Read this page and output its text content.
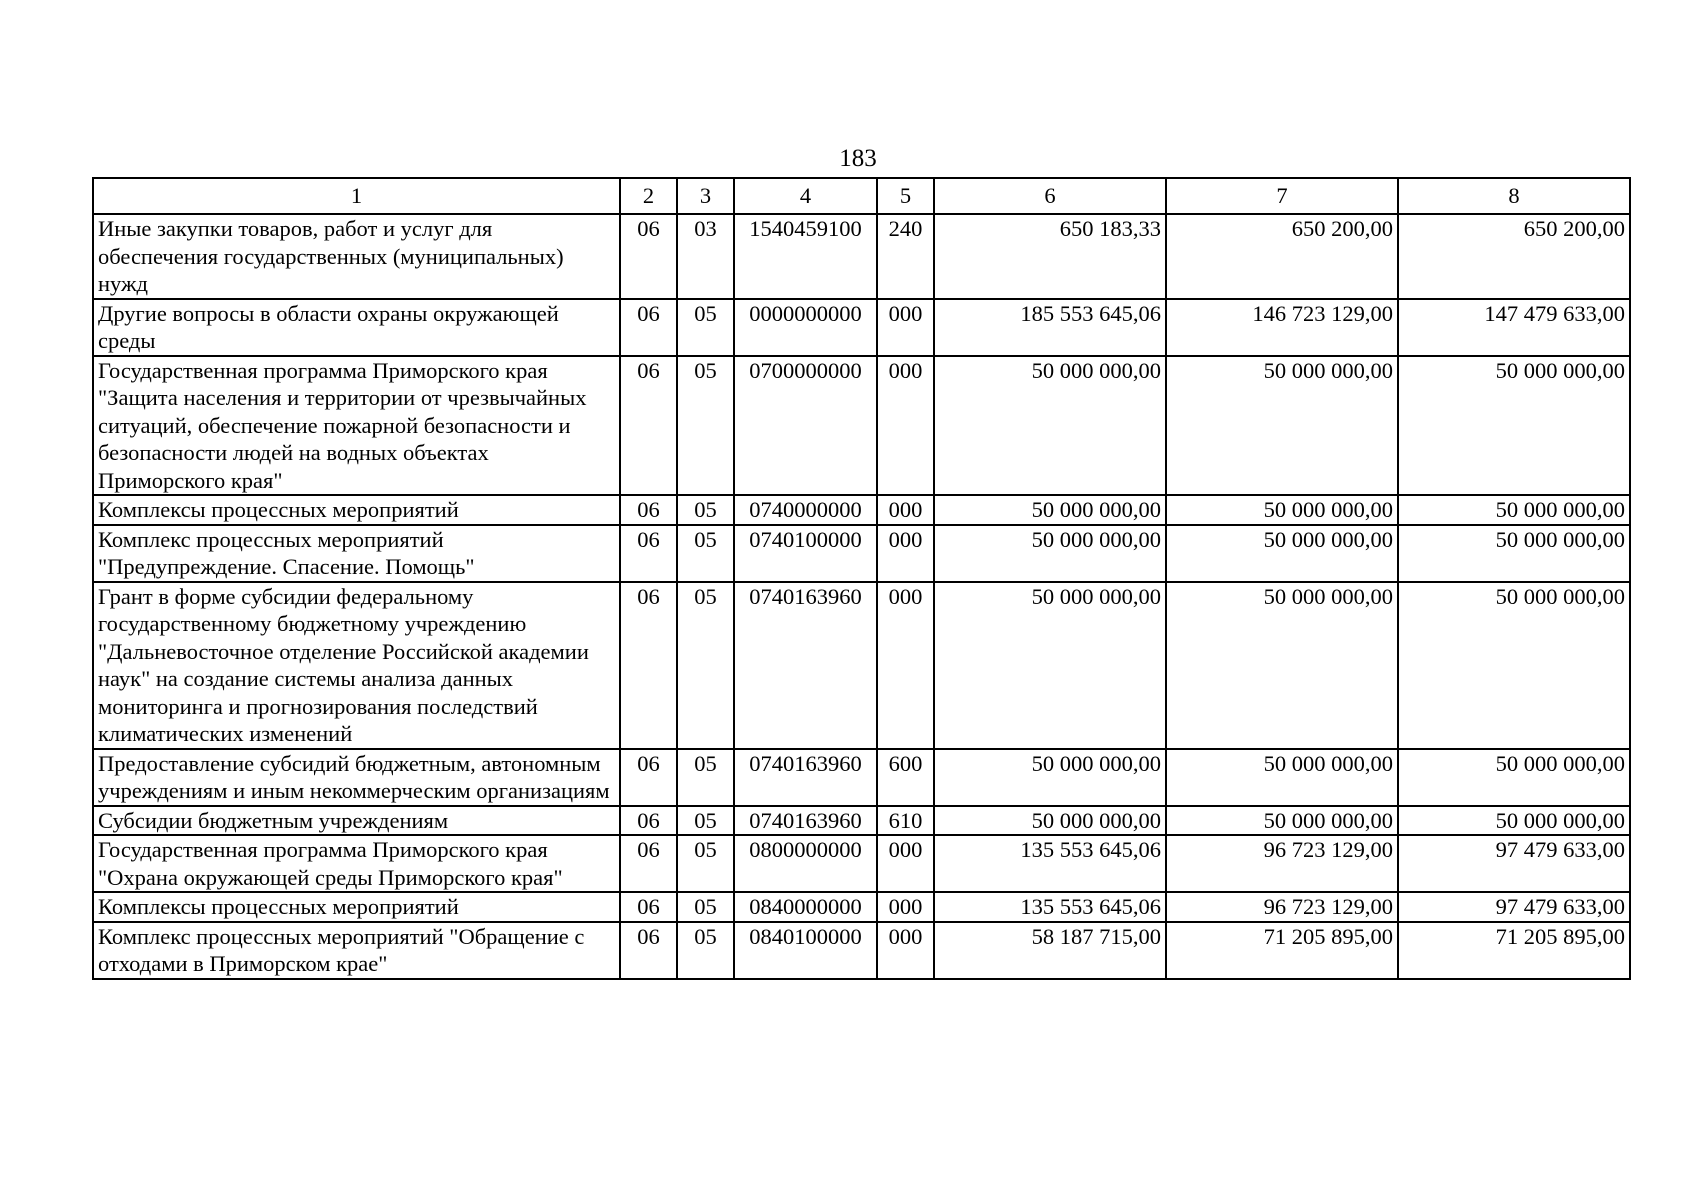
183
1	2	3	4	5	6	7	8
Иные закупки товаров, работ и услуг для обеспечения государственных (муниципальных) нужд	06	03	1540459100	240	650 183,33	650 200,00	650 200,00
Другие вопросы в области охраны окружающей среды	06	05	0000000000	000	185 553 645,06	146 723 129,00	147 479 633,00
Государственная программа Приморского края "Защита населения и территории от чрезвычайных ситуаций, обеспечение пожарной безопасности и безопасности людей на водных объектах Приморского края"	06	05	0700000000	000	50 000 000,00	50 000 000,00	50 000 000,00
Комплексы процессных мероприятий	06	05	0740000000	000	50 000 000,00	50 000 000,00	50 000 000,00
Комплекс процессных мероприятий "Предупреждение. Спасение. Помощь"	06	05	0740100000	000	50 000 000,00	50 000 000,00	50 000 000,00
Грант в форме субсидии федеральному государственному бюджетному учреждению "Дальневосточное отделение Российской академии наук" на создание системы анализа данных мониторинга и прогнозирования последствий климатических изменений	06	05	0740163960	000	50 000 000,00	50 000 000,00	50 000 000,00
Предоставление субсидий бюджетным, автономным учреждениям и иным некоммерческим организациям	06	05	0740163960	600	50 000 000,00	50 000 000,00	50 000 000,00
Субсидии бюджетным учреждениям	06	05	0740163960	610	50 000 000,00	50 000 000,00	50 000 000,00
Государственная программа Приморского края "Охрана окружающей среды Приморского края"	06	05	0800000000	000	135 553 645,06	96 723 129,00	97 479 633,00
Комплексы процессных мероприятий	06	05	0840000000	000	135 553 645,06	96 723 129,00	97 479 633,00
Комплекс процессных мероприятий "Обращение с отходами в Приморском крае"	06	05	0840100000	000	58 187 715,00	71 205 895,00	71 205 895,00
